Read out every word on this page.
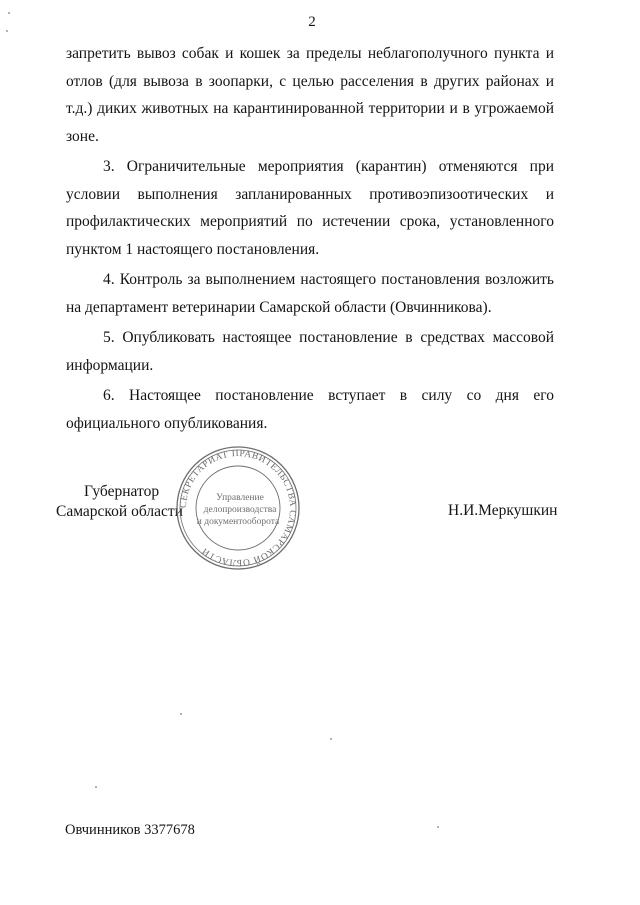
2

запретить вывоз собак и кошек за пределы неблагополучного пункта и отлов (для вывоза в зоопарки, с целью расселения в других районах и т.д.) диких животных на карантинированной территории и в угрожаемой зоне.

3. Ограничительные мероприятия (карантин) отменяются при условии выполнения запланированных противоэпизоотических и профилактических мероприятий по истечении срока, установленного пунктом 1 настоящего постановления.

4. Контроль за выполнением настоящего постановления возложить на департамент ветеринарии Самарской области (Овчинникова).

5. Опубликовать настоящее постановление в средствах массовой информации.

6. Настоящее постановление вступает в силу со дня его официального опубликования.

Губернатор
Самарской области	Н.И.Меркушкин
СЕКРЕТАРИАТ ПРАВИТЕЛЬСТВА САМАРСКОЙ ОБЛАСТИ
Управление
делопроизводства
и документооборота
Овчинников 3377678
